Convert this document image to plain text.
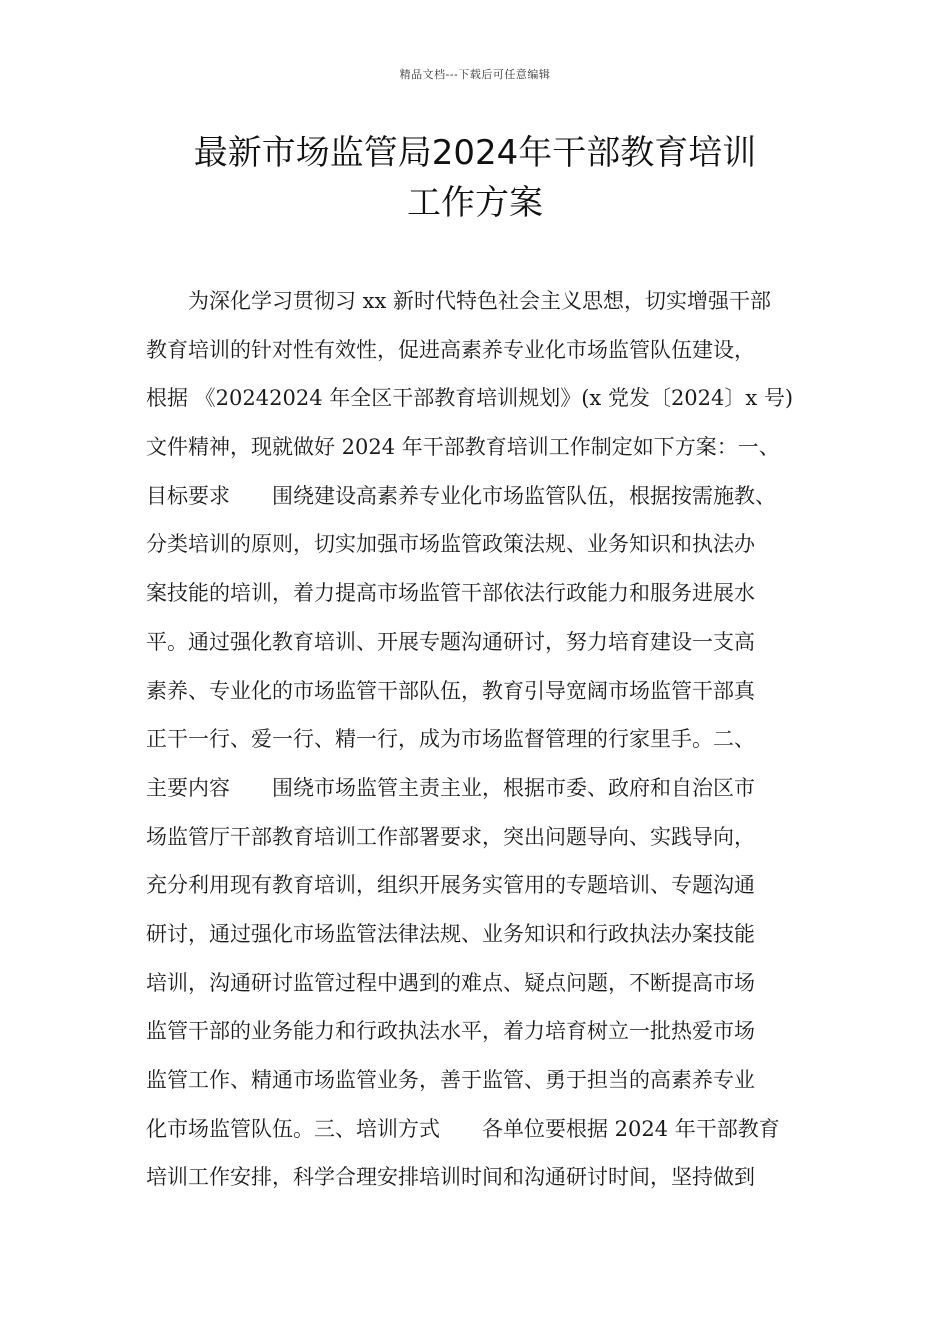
精品文档---下载后可任意编辑
最新市场监管局2024年干部教育培训
工作方案
为深化学习贯彻习 xx 新时代特色社会主义思想，切实增强干部
教育培训的针对性有效性，促进高素养专业化市场监管队伍建设，
根据 《20242024 年全区干部教育培训规划》(x 党发〔2024〕x 号)
文件精神，现就做好 2024 年干部教育培训工作制定如下方案：一、
目标要求　　围绕建设高素养专业化市场监管队伍，根据按需施教、
分类培训的原则，切实加强市场监管政策法规、业务知识和执法办
案技能的培训，着力提高市场监管干部依法行政能力和服务进展水
平。通过强化教育培训、开展专题沟通研讨，努力培育建设一支高
素养、专业化的市场监管干部队伍，教育引导宽阔市场监管干部真
正干一行、爱一行、精一行，成为市场监督管理的行家里手。二、
主要内容　　围绕市场监管主责主业，根据市委、政府和自治区市
场监管厅干部教育培训工作部署要求，突出问题导向、实践导向，
充分利用现有教育培训，组织开展务实管用的专题培训、专题沟通
研讨，通过强化市场监管法律法规、业务知识和行政执法办案技能
培训，沟通研讨监管过程中遇到的难点、疑点问题，不断提高市场
监管干部的业务能力和行政执法水平，着力培育树立一批热爱市场
监管工作、精通市场监管业务，善于监管、勇于担当的高素养专业
化市场监管队伍。三、培训方式　　各单位要根据 2024 年干部教育
培训工作安排，科学合理安排培训时间和沟通研讨时间，坚持做到
